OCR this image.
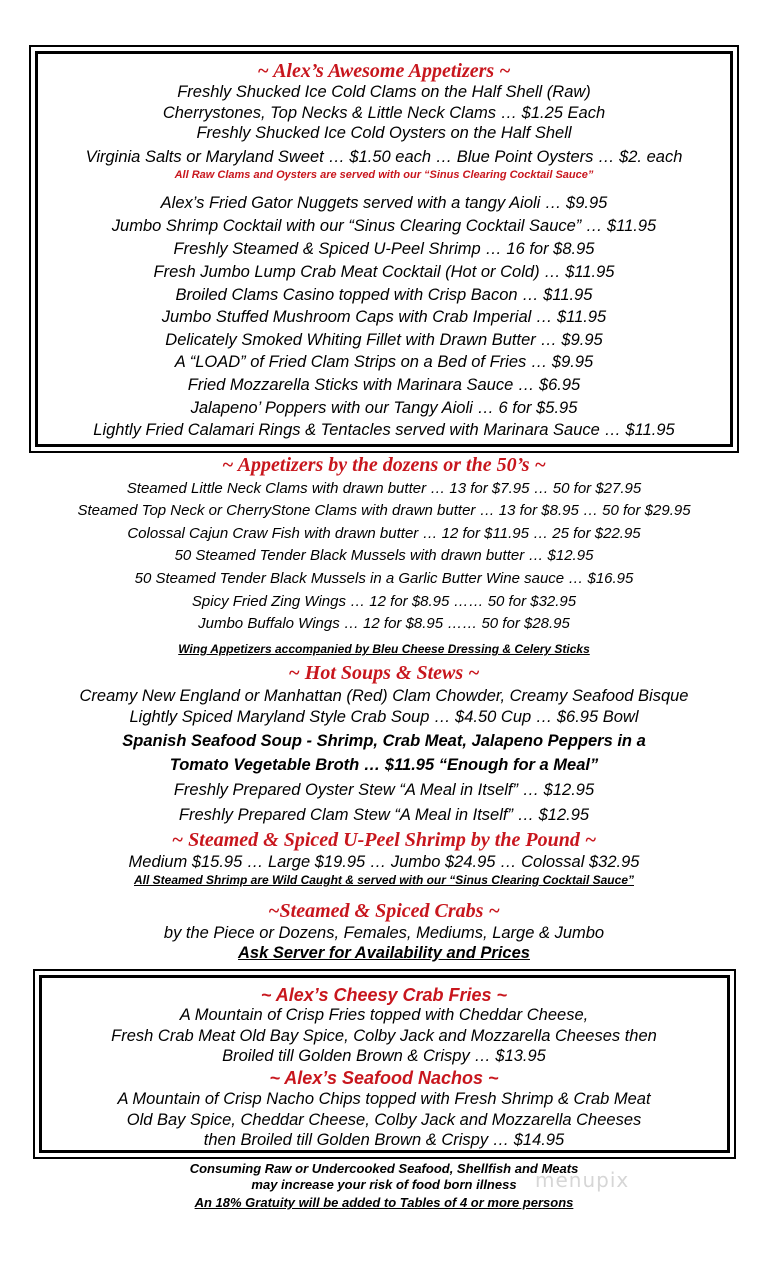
~ Alex’s Awesome Appetizers ~
Freshly Shucked Ice Cold Clams on the Half Shell (Raw)
Cherrystones, Top Necks & Little Neck Clams … $1.25 Each
Freshly Shucked Ice Cold Oysters on the Half Shell
Virginia Salts or Maryland Sweet … $1.50 each … Blue Point Oysters … $2. each
All Raw Clams and Oysters are served with our “Sinus Clearing Cocktail Sauce”
Alex’s Fried Gator Nuggets served with a tangy Aioli … $9.95
Jumbo Shrimp Cocktail with our “Sinus Clearing Cocktail Sauce” … $11.95
Freshly Steamed & Spiced U-Peel Shrimp … 16 for $8.95
Fresh Jumbo Lump Crab Meat Cocktail (Hot or Cold) … $11.95
Broiled Clams Casino topped with Crisp Bacon … $11.95
Jumbo Stuffed Mushroom Caps with Crab Imperial … $11.95
Delicately Smoked Whiting Fillet with Drawn Butter … $9.95
A “LOAD” of Fried Clam Strips on a Bed of Fries … $9.95
Fried Mozzarella Sticks with Marinara Sauce … $6.95
Jalapeno’ Poppers with our Tangy Aioli … 6 for $5.95
Lightly Fried Calamari Rings & Tentacles served with Marinara Sauce … $11.95
~ Appetizers by the dozens or the 50’s ~
Steamed Little Neck Clams with drawn butter … 13 for $7.95 … 50 for $27.95
Steamed Top Neck or CherryStone Clams with drawn butter … 13 for $8.95 … 50 for $29.95
Colossal Cajun Craw Fish with drawn butter … 12 for $11.95 … 25 for $22.95
50 Steamed Tender Black Mussels with drawn butter … $12.95
50 Steamed Tender Black Mussels in a Garlic Butter Wine sauce … $16.95
Spicy Fried Zing Wings … 12 for $8.95 …… 50 for $32.95
Jumbo Buffalo Wings … 12 for $8.95 …… 50 for $28.95
Wing Appetizers accompanied by Bleu Cheese Dressing & Celery Sticks
~ Hot Soups & Stews ~
Creamy New England or Manhattan (Red) Clam Chowder, Creamy Seafood Bisque
Lightly Spiced Maryland Style Crab Soup … $4.50 Cup … $6.95 Bowl
Spanish Seafood Soup - Shrimp, Crab Meat, Jalapeno Peppers in a
Tomato Vegetable Broth … $11.95 “Enough for a Meal”
Freshly Prepared Oyster Stew “A Meal in Itself” … $12.95
Freshly Prepared Clam Stew “A Meal in Itself” … $12.95
~ Steamed & Spiced U-Peel Shrimp by the Pound ~
Medium $15.95 … Large $19.95 … Jumbo $24.95 … Colossal $32.95
All Steamed Shrimp are Wild Caught & served with our “Sinus Clearing Cocktail Sauce”
~Steamed & Spiced Crabs ~
by the Piece or Dozens, Females, Mediums, Large & Jumbo
Ask Server for Availability and Prices
~ Alex’s Cheesy Crab Fries ~
A Mountain of Crisp Fries topped with Cheddar Cheese,
Fresh Crab Meat Old Bay Spice, Colby Jack and Mozzarella Cheeses then
Broiled till Golden Brown & Crispy … $13.95
~ Alex’s Seafood Nachos ~
A Mountain of Crisp Nacho Chips topped with Fresh Shrimp & Crab Meat
Old Bay Spice, Cheddar Cheese, Colby Jack and Mozzarella Cheeses
then Broiled till Golden Brown & Crispy … $14.95
Consuming Raw or Undercooked Seafood, Shellfish and Meats
may increase your risk of food born illness
An 18% Gratuity will be added to Tables of 4 or more persons
menupix
